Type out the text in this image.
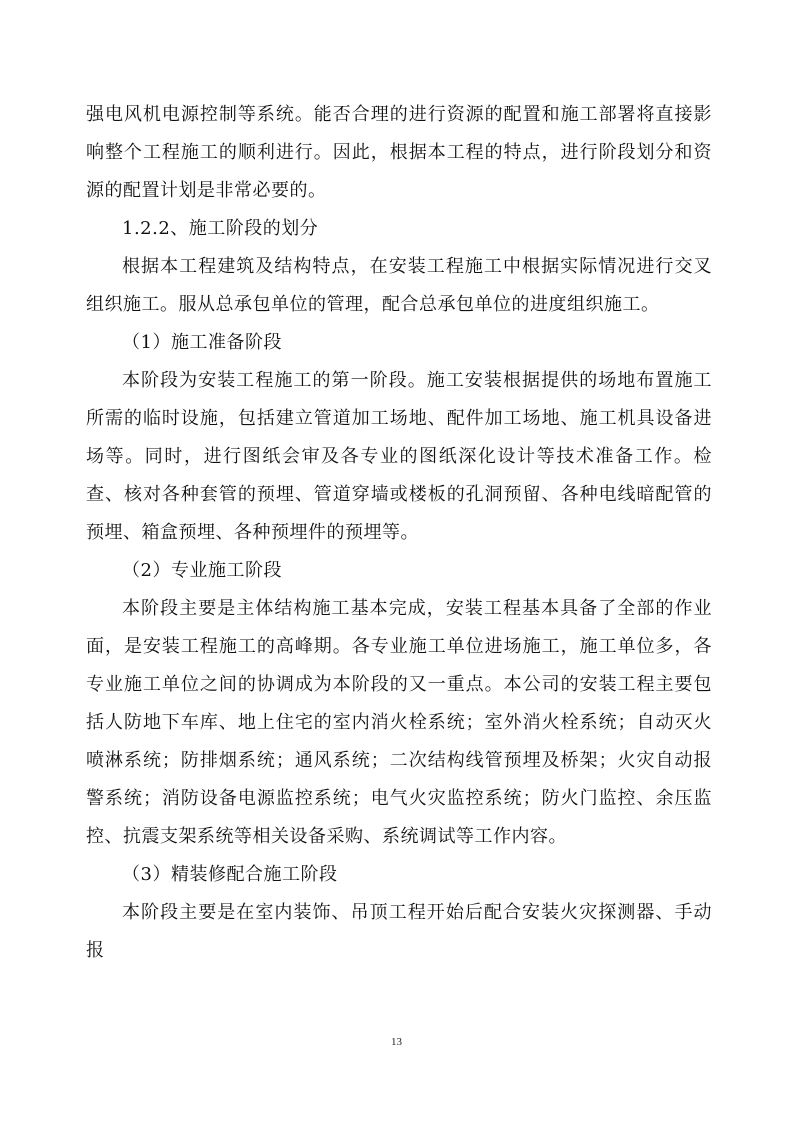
强电风机电源控制等系统。能否合理的进行资源的配置和施工部署将直接影响整个工程施工的顺利进行。因此，根据本工程的特点，进行阶段划分和资源的配置计划是非常必要的。

1.2.2、施工阶段的划分

根据本工程建筑及结构特点，在安装工程施工中根据实际情况进行交叉组织施工。服从总承包单位的管理，配合总承包单位的进度组织施工。

（1）施工准备阶段

本阶段为安装工程施工的第一阶段。施工安装根据提供的场地布置施工所需的临时设施，包括建立管道加工场地、配件加工场地、施工机具设备进场等。同时，进行图纸会审及各专业的图纸深化设计等技术准备工作。检查、核对各种套管的预埋、管道穿墙或楼板的孔洞预留、各种电线暗配管的预埋、箱盒预埋、各种预埋件的预埋等。

（2）专业施工阶段

本阶段主要是主体结构施工基本完成，安装工程基本具备了全部的作业面，是安装工程施工的高峰期。各专业施工单位进场施工，施工单位多，各专业施工单位之间的协调成为本阶段的又一重点。本公司的安装工程主要包括人防地下车库、地上住宅的室内消火栓系统；室外消火栓系统；自动灭火喷淋系统；防排烟系统；通风系统；二次结构线管预埋及桥架；火灾自动报警系统；消防设备电源监控系统；电气火灾监控系统；防火门监控、余压监控、抗震支架系统等相关设备采购、系统调试等工作内容。

（3）精装修配合施工阶段

本阶段主要是在室内装饰、吊顶工程开始后配合安装火灾探测器、手动报

13
